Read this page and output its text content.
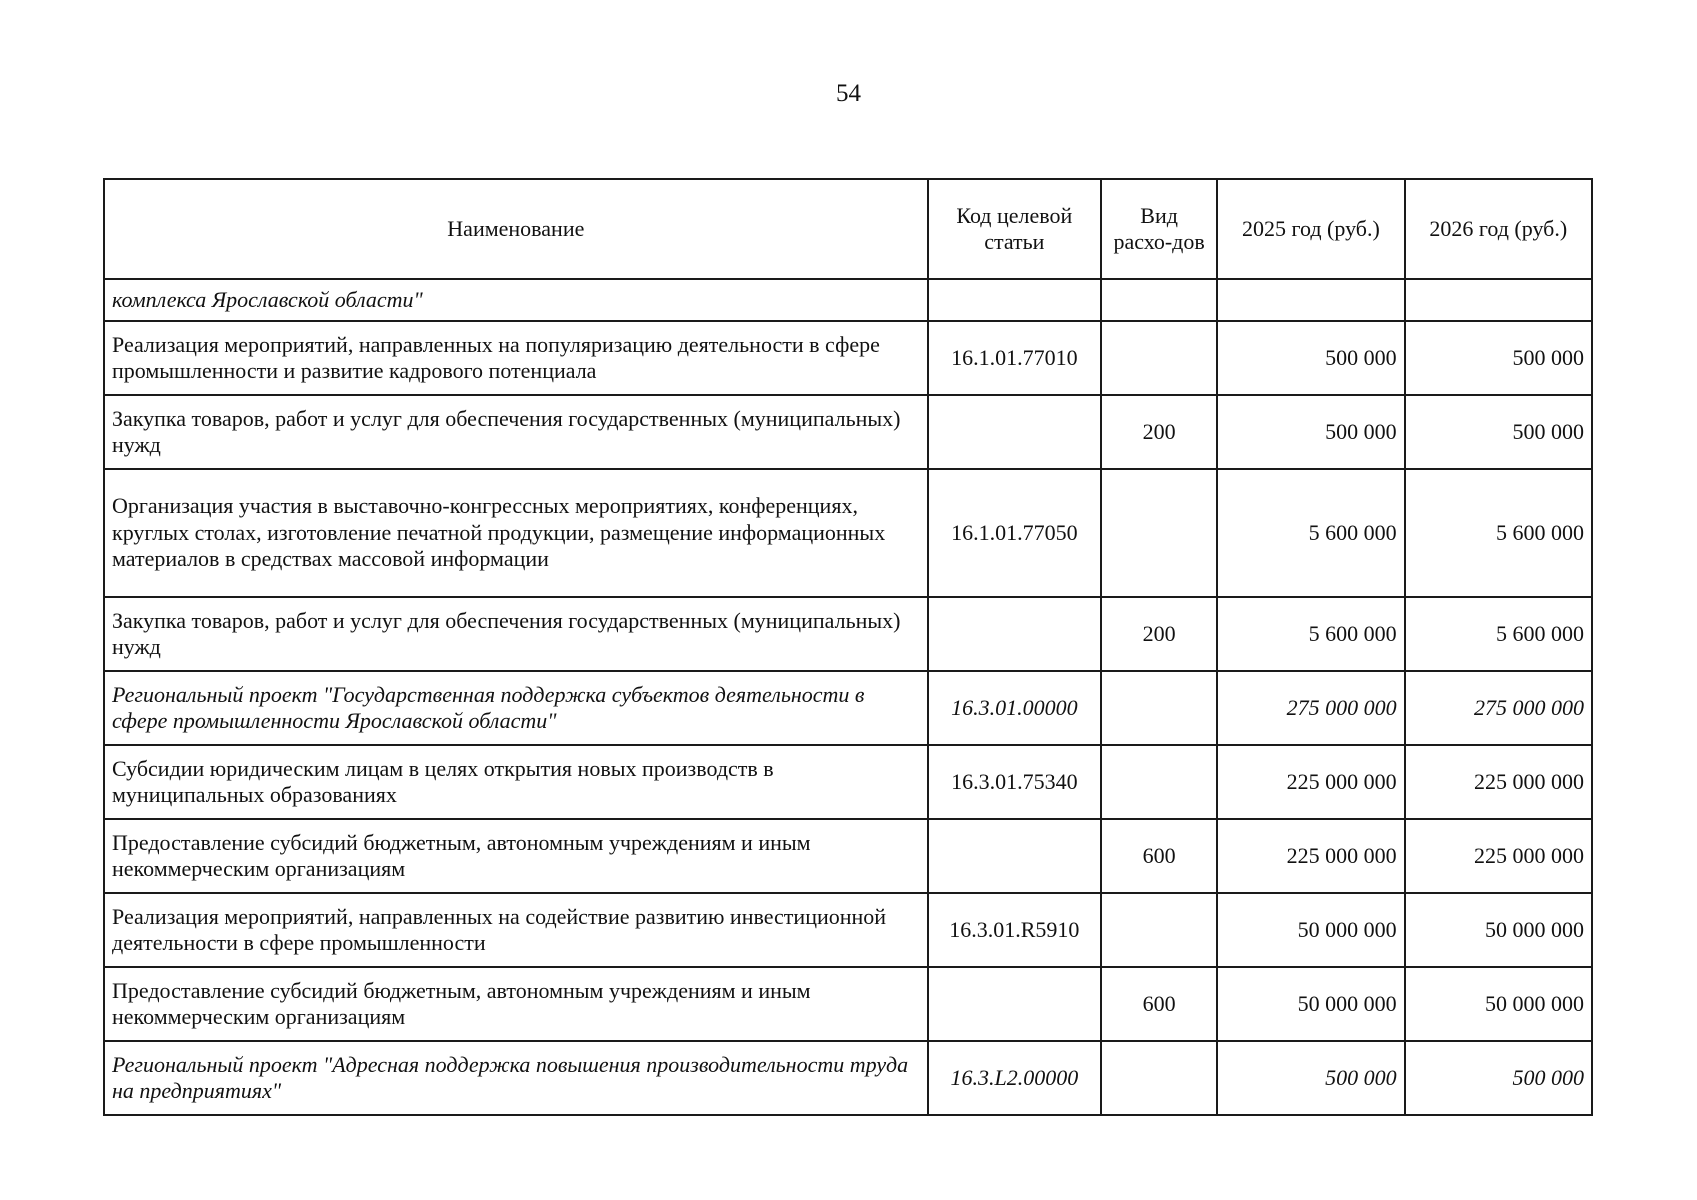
54
Наименование	Код целевой статьи	Вид расхо-дов	2025 год (руб.)	2026 год (руб.)
комплекса Ярославской области"				
Реализация мероприятий, направленных на популяризацию деятельности в сфере промышленности и развитие кадрового потенциала	16.1.01.77010		500 000	500 000
Закупка товаров, работ и услуг для обеспечения государственных (муниципальных) нужд		200	500 000	500 000
Организация участия в выставочно-конгрессных мероприятиях, конференциях, круглых столах, изготовление печатной продукции, размещение информационных материалов в средствах массовой информации	16.1.01.77050		5 600 000	5 600 000
Закупка товаров, работ и услуг для обеспечения государственных (муниципальных) нужд		200	5 600 000	5 600 000
Региональный проект "Государственная поддержка субъектов деятельности в сфере промышленности Ярославской области"	16.3.01.00000		275 000 000	275 000 000
Субсидии юридическим лицам в целях открытия новых производств в муниципальных образованиях	16.3.01.75340		225 000 000	225 000 000
Предоставление субсидий бюджетным, автономным учреждениям и иным некоммерческим организациям		600	225 000 000	225 000 000
Реализация мероприятий, направленных на содействие развитию инвестиционной деятельности в сфере промышленности	16.3.01.R5910		50 000 000	50 000 000
Предоставление субсидий бюджетным, автономным учреждениям и иным некоммерческим организациям		600	50 000 000	50 000 000
Региональный проект "Адресная поддержка повышения производительности труда на предприятиях"	16.3.L2.00000		500 000	500 000
